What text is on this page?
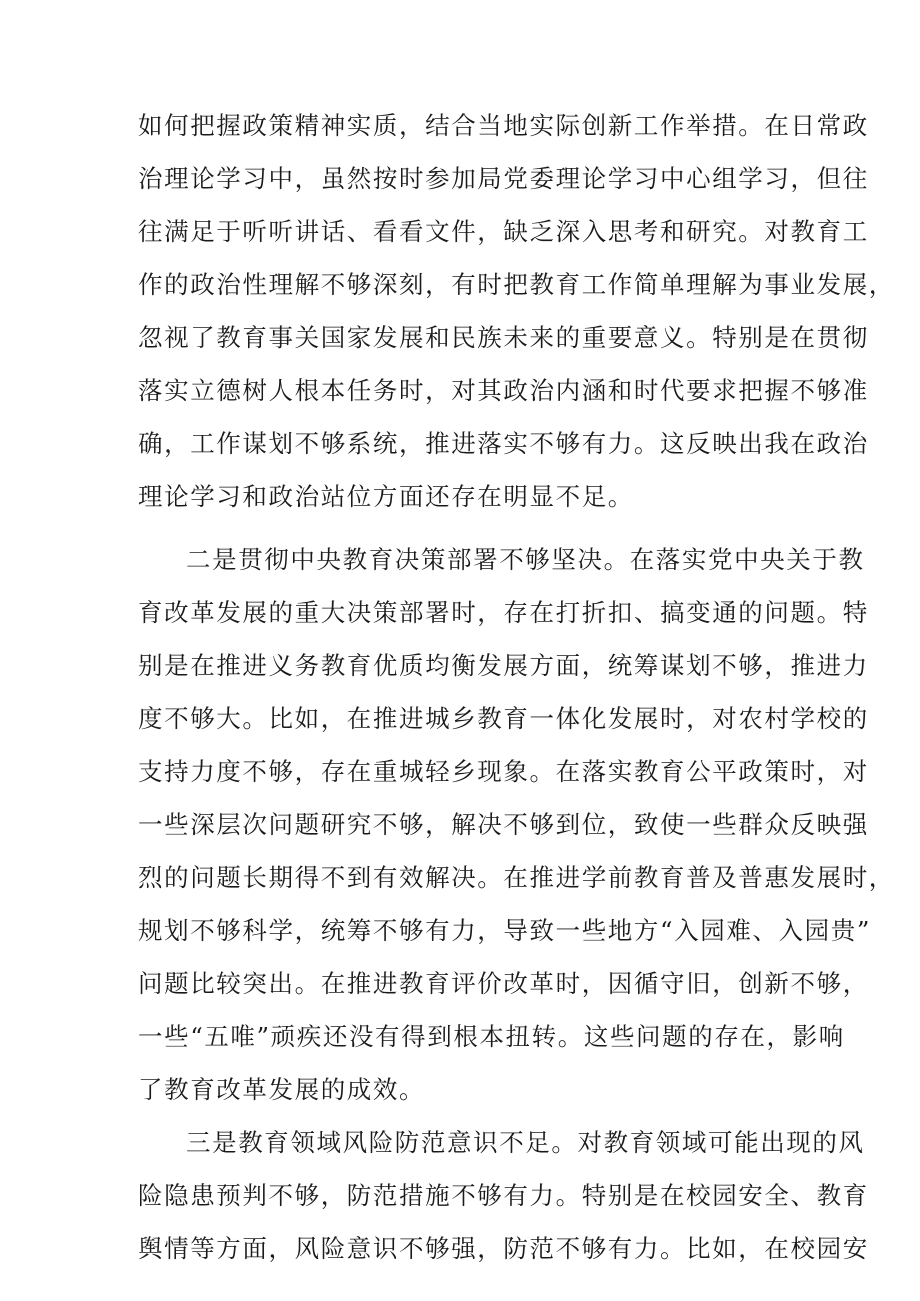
如何把握政策精神实质，结合当地实际创新工作举措。在日常政
治理论学习中，虽然按时参加局党委理论学习中心组学习，但往
往满足于听听讲话、看看文件，缺乏深入思考和研究。对教育工
作的政治性理解不够深刻，有时把教育工作简单理解为事业发展，
忽视了教育事关国家发展和民族未来的重要意义。特别是在贯彻
落实立德树人根本任务时，对其政治内涵和时代要求把握不够准
确，工作谋划不够系统，推进落实不够有力。这反映出我在政治
理论学习和政治站位方面还存在明显不足。
二是贯彻中央教育决策部署不够坚决。在落实党中央关于教
育改革发展的重大决策部署时，存在打折扣、搞变通的问题。特
别是在推进义务教育优质均衡发展方面，统筹谋划不够，推进力
度不够大。比如，在推进城乡教育一体化发展时，对农村学校的
支持力度不够，存在重城轻乡现象。在落实教育公平政策时，对
一些深层次问题研究不够，解决不够到位，致使一些群众反映强
烈的问题长期得不到有效解决。在推进学前教育普及普惠发展时，
规划不够科学，统筹不够有力，导致一些地方“入园难、入园贵”
问题比较突出。在推进教育评价改革时，因循守旧，创新不够，
一些“五唯”顽疾还没有得到根本扭转。这些问题的存在，影响
了教育改革发展的成效。
三是教育领域风险防范意识不足。对教育领域可能出现的风
险隐患预判不够，防范措施不够有力。特别是在校园安全、教育
舆情等方面，风险意识不够强，防范不够有力。比如，在校园安
